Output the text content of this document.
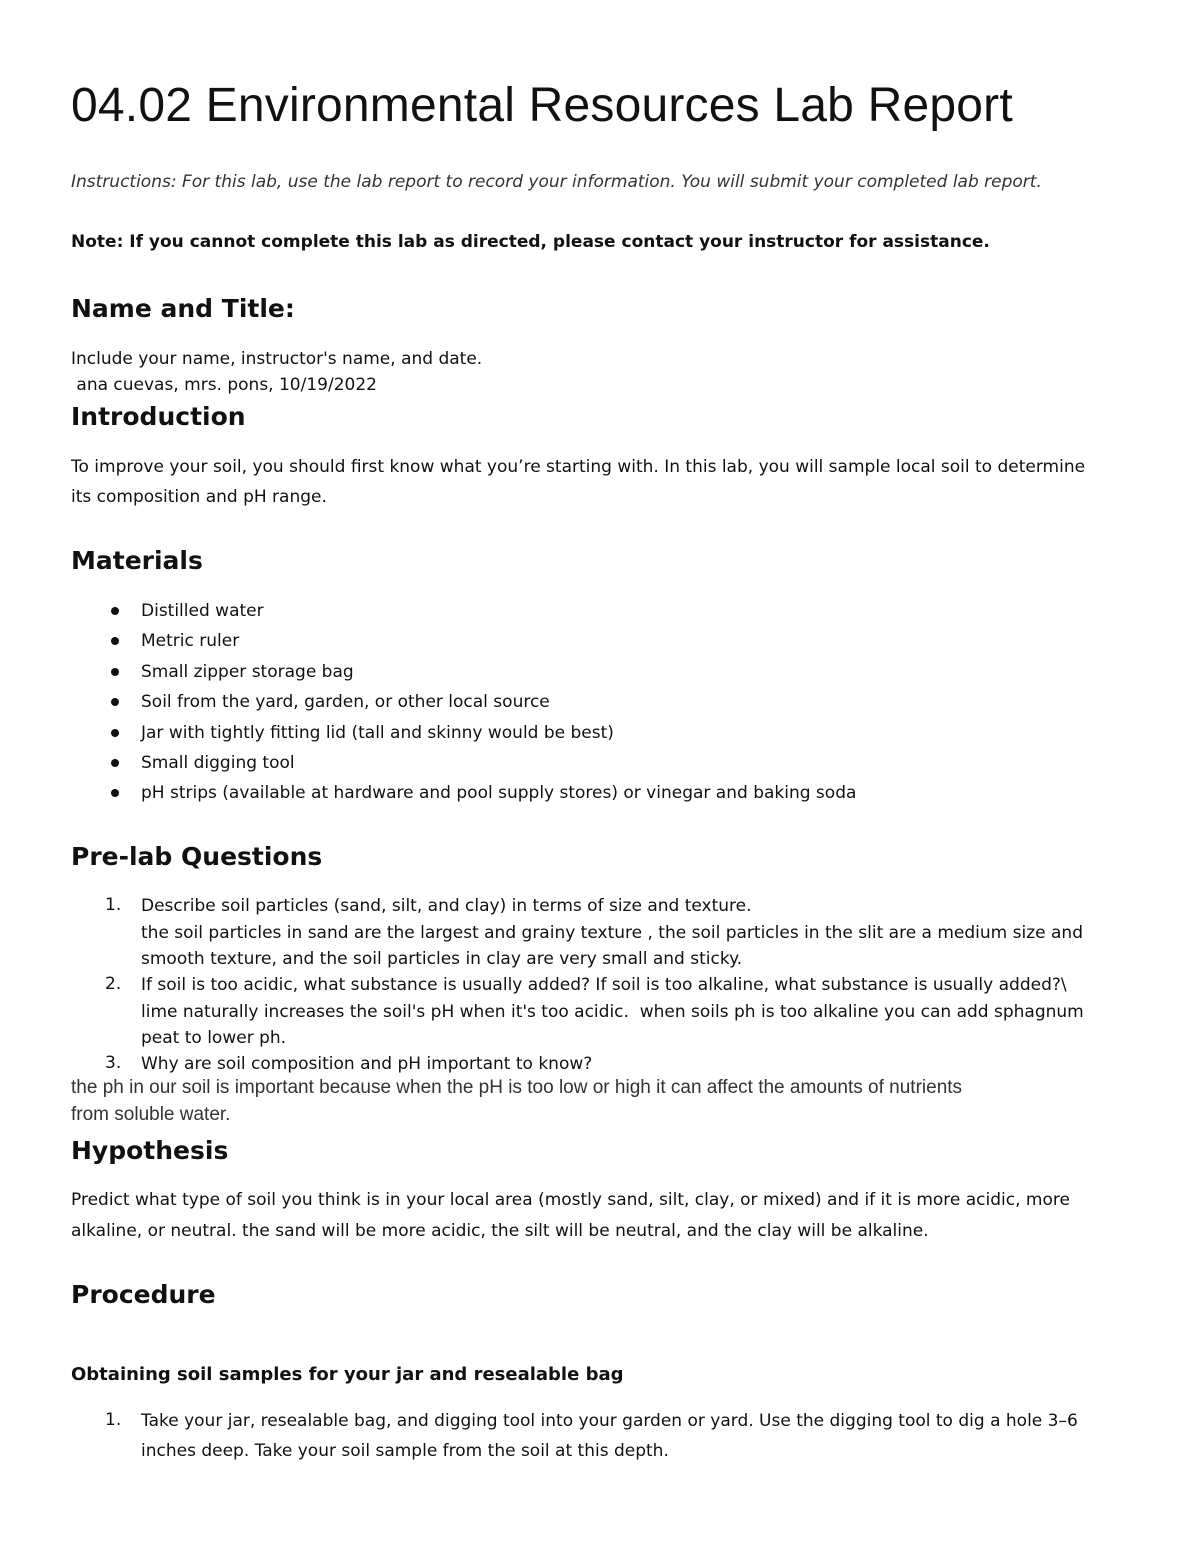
04.02 Environmental Resources Lab Report

Instructions: For this lab, use the lab report to record your information. You will submit your completed lab report.

Note: If you cannot complete this lab as directed, please contact your instructor for assistance.

Name and Title:

Include your name, instructor's name, and date.

ana cuevas, mrs. pons, 10/19/2022

Introduction

To improve your soil, you should first know what you’re starting with. In this lab, you will sample local soil to determine

its composition and pH range.

Materials
Distilled water
Metric ruler
Small zipper storage bag
Soil from the yard, garden, or other local source
Jar with tightly fitting lid (tall and skinny would be best)
Small digging tool
pH strips (available at hardware and pool supply stores) or vinegar and baking soda
Pre-lab Questions
1. Describe soil particles (sand, silt, and clay) in terms of size and texture.

the soil particles in sand are the largest and grainy texture , the soil particles in the slit are a medium size and

smooth texture, and the soil particles in clay are very small and sticky.

2. If soil is too acidic, what substance is usually added? If soil is too alkaline, what substance is usually added?\

lime naturally increases the soil's pH when it's too acidic.  when soils ph is too alkaline you can add sphagnum

peat to lower ph.

3. Why are soil composition and pH important to know?

the ph in our soil is important because when the pH is too low or high it can affect the amounts of nutrients

from soluble water.

Hypothesis

Predict what type of soil you think is in your local area (mostly sand, silt, clay, or mixed) and if it is more acidic, more

alkaline, or neutral. the sand will be more acidic, the silt will be neutral, and the clay will be alkaline.

Procedure
Obtaining soil samples for your jar and resealable bag
1. Take your jar, resealable bag, and digging tool into your garden or yard. Use the digging tool to dig a hole 3–6

inches deep. Take your soil sample from the soil at this depth.
